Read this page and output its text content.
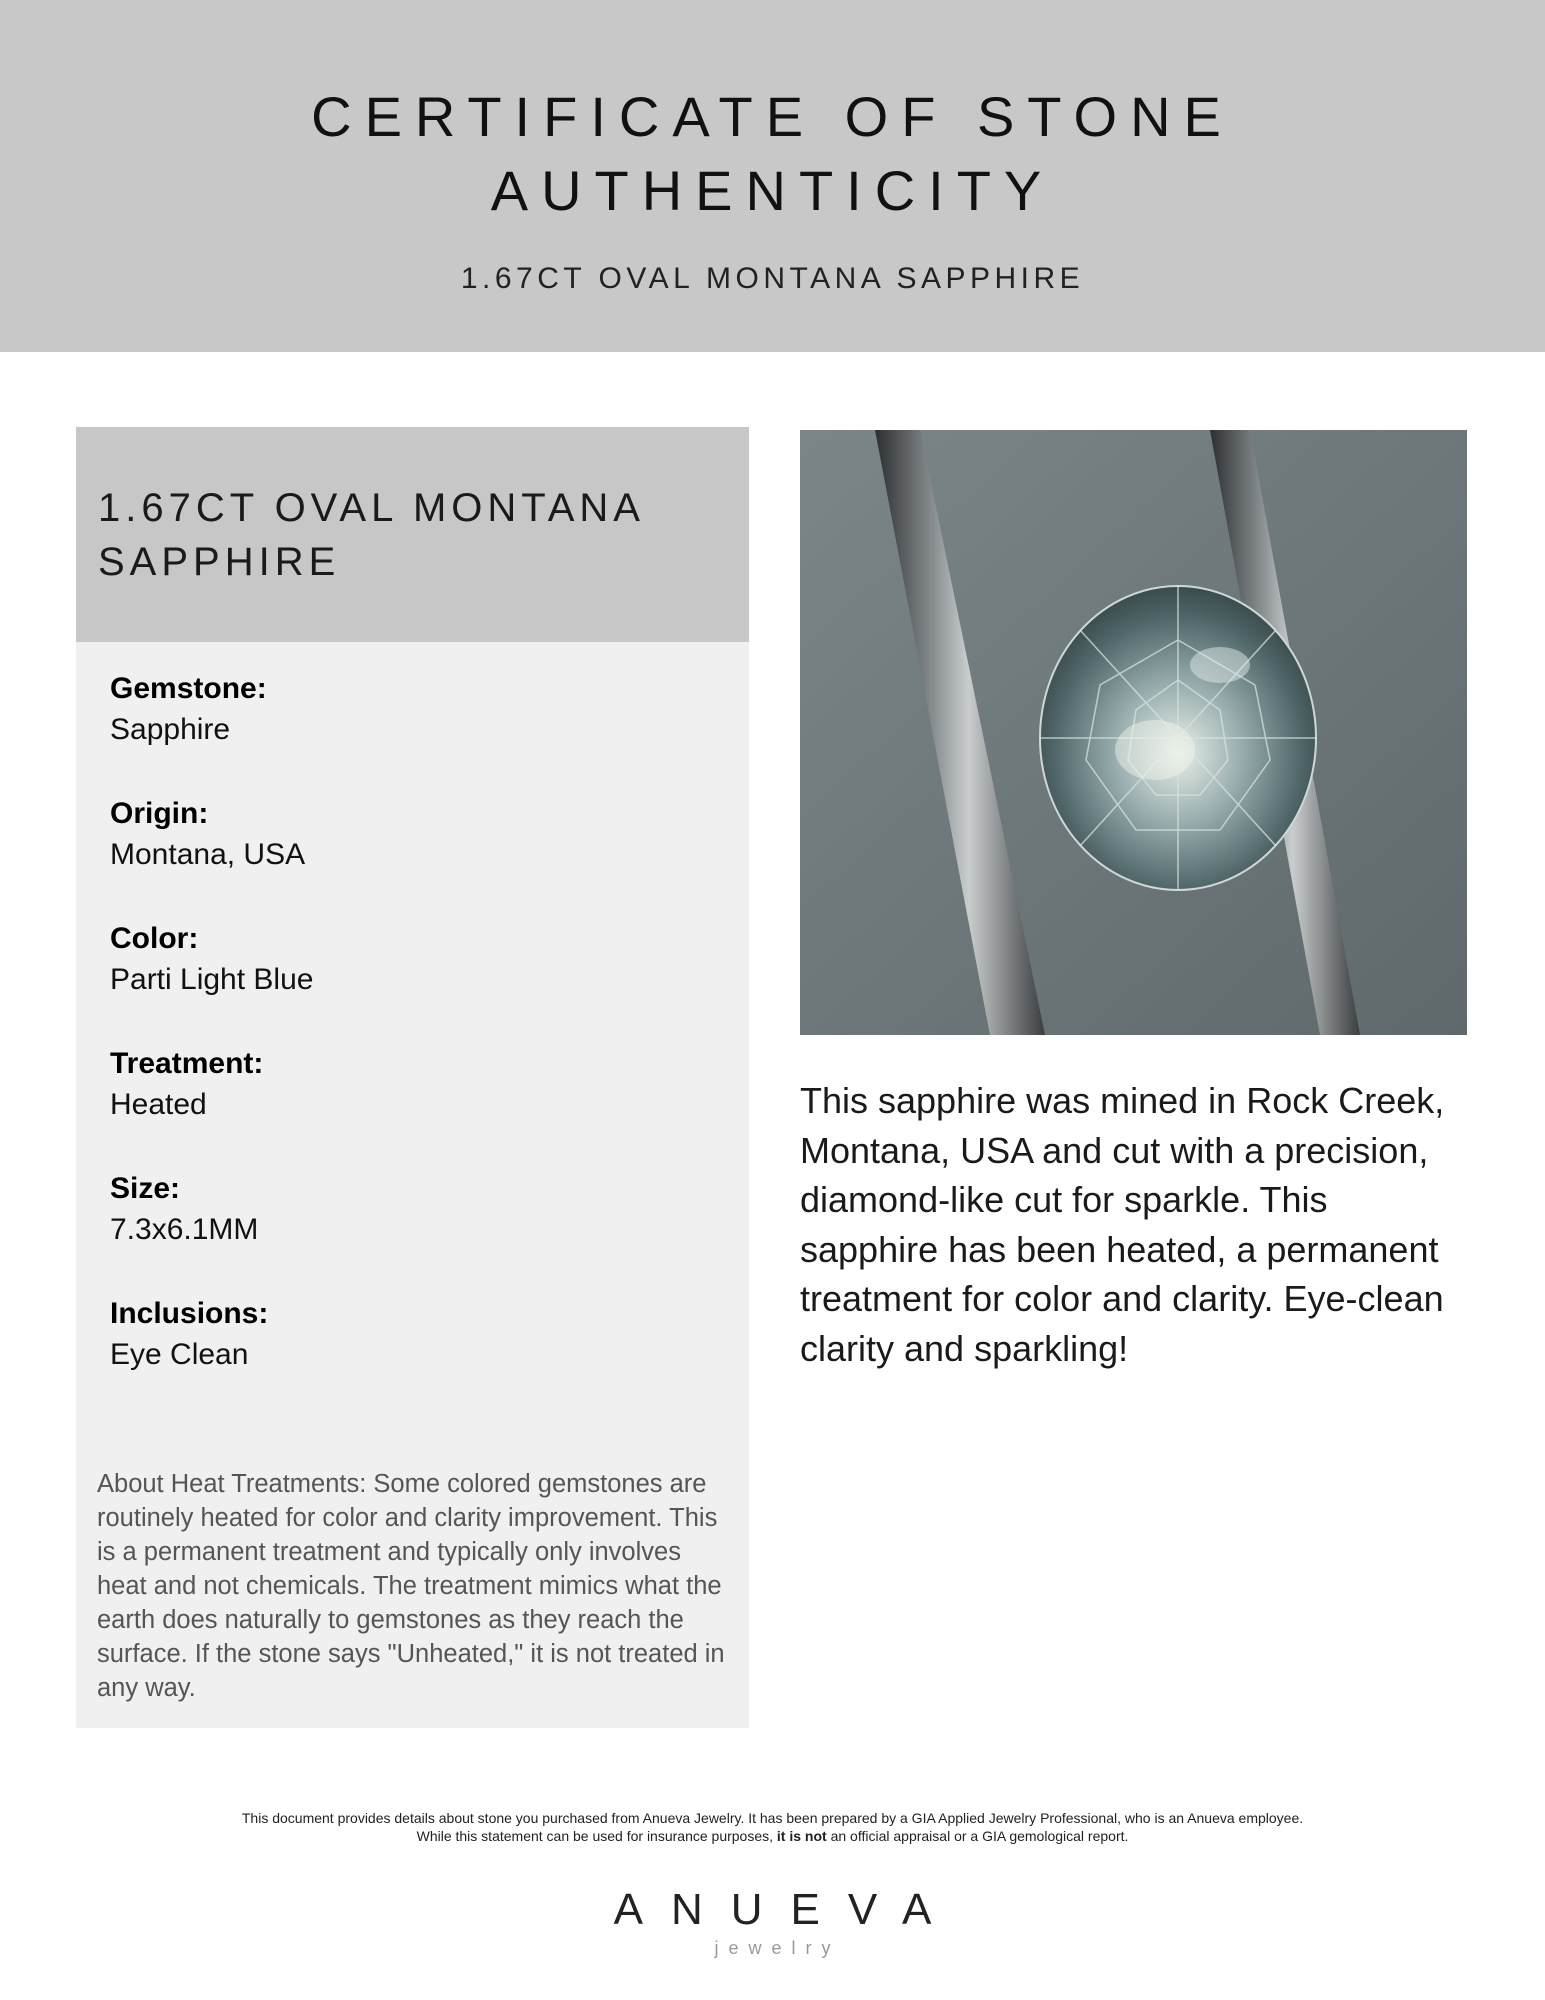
CERTIFICATE OF STONE
AUTHENTICITY
1.67CT OVAL MONTANA SAPPHIRE
1.67CT OVAL MONTANA
SAPPHIRE
Gemstone:
Sapphire
Origin:
Montana, USA
Color:
Parti Light Blue
Treatment:
Heated
Size:
7.3x6.1MM
Inclusions:
Eye Clean
About Heat Treatments: Some colored gemstones are routinely heated for color and clarity improvement. This is a permanent treatment and typically only involves heat and not chemicals. The treatment mimics what the earth does naturally to gemstones as they reach the surface. If the stone says "Unheated," it is not treated in any way.
This sapphire was mined in Rock Creek, Montana, USA and cut with a precision, diamond-like cut for sparkle. This sapphire has been heated, a permanent treatment for color and clarity. Eye-clean clarity and sparkling!
This document provides details about stone you purchased from Anueva Jewelry. It has been prepared by a GIA Applied Jewelry Professional, who is an Anueva employee.
While this statement can be used for insurance purposes, it is not an official appraisal or a GIA gemological report.
ANUEVA
jewelry
